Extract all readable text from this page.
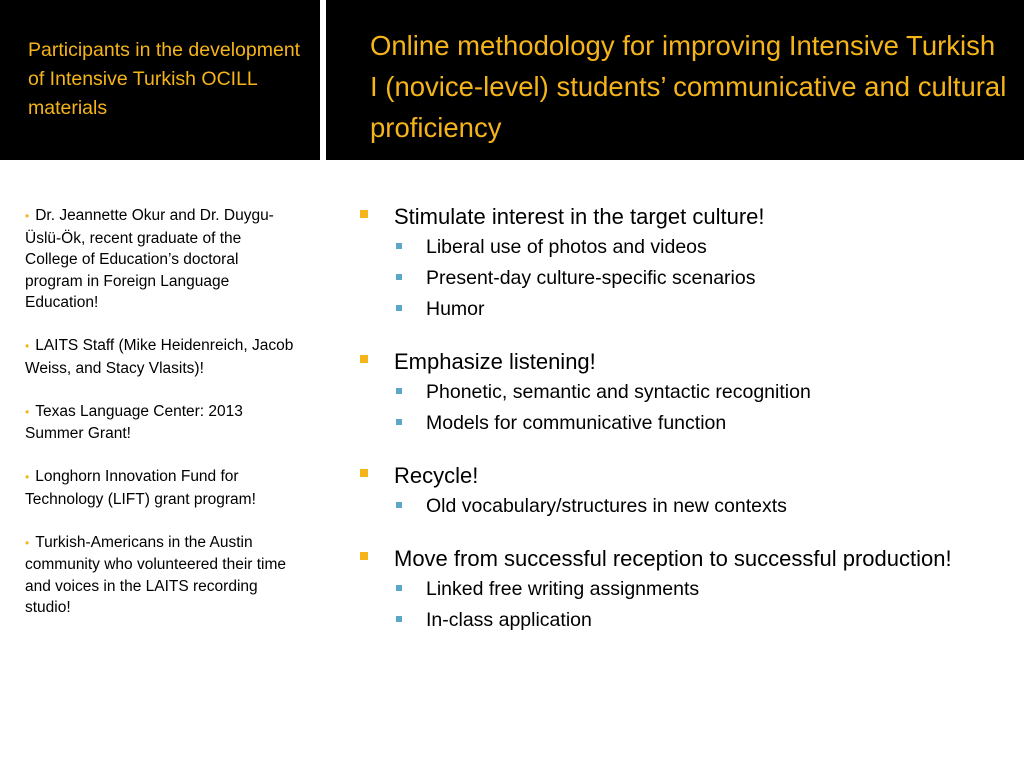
Participants in the development of Intensive Turkish OCILL materials
Online methodology for improving Intensive Turkish I (novice-level) students’ communicative and cultural proficiency
• Dr. Jeannette Okur and Dr. Duygu-Üslü-Ök, recent graduate of the College of Education’s doctoral program in Foreign Language Education!
• LAITS Staff (Mike Heidenreich, Jacob Weiss, and Stacy Vlasits)!
• Texas Language Center: 2013 Summer Grant!
• Longhorn Innovation Fund for Technology (LIFT) grant program!
• Turkish-Americans in the Austin community who volunteered their time and voices in the LAITS recording studio!
Stimulate interest in the target culture!
Liberal use of photos and videos
Present-day culture-specific scenarios
Humor
Emphasize listening!
Phonetic, semantic and syntactic recognition
Models for communicative function
Recycle!
Old vocabulary/structures in new contexts
Move from successful reception to successful production!
Linked free writing assignments
In-class application
